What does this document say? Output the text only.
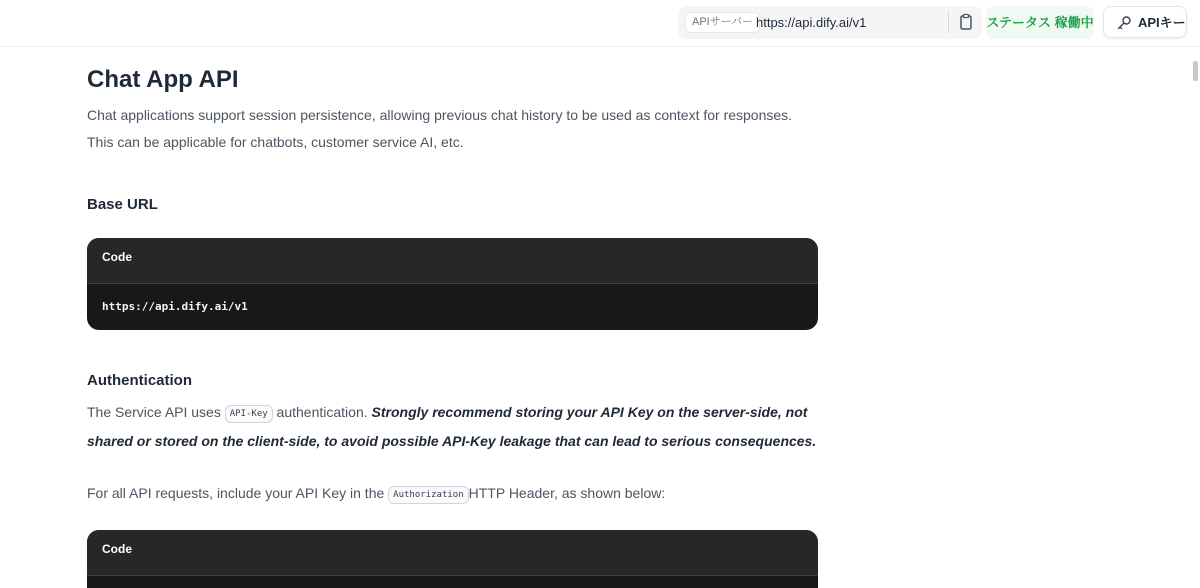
APIサーバー https://api.dify.ai/v1	ステータス 稼働中	APIキー
Chat App API

Chat applications support session persistence, allowing previous chat history to be used as context for responses. This can be applicable for chatbots, customer service AI, etc.

Base URL
Code
https://api.dify.ai/v1
Authentication

The Service API uses API-Key authentication. Strongly recommend storing your API Key on the server-side, not shared or stored on the client-side, to avoid possible API-Key leakage that can lead to serious consequences.

For all API requests, include your API Key in the Authorization HTTP Header, as shown below:

Code
